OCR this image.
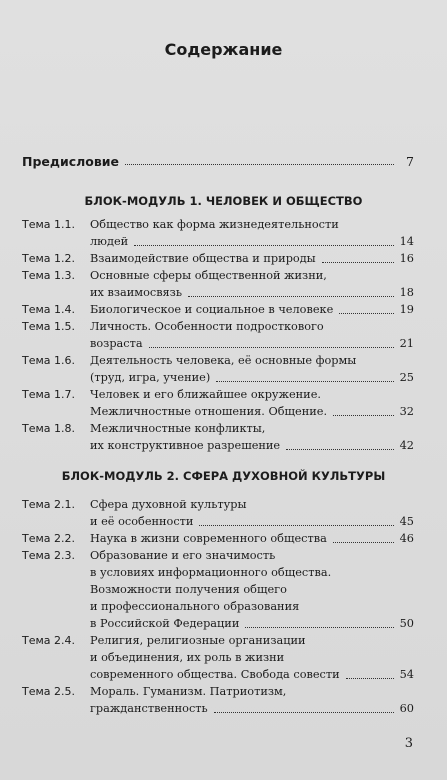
Содержание
Предисловие	7
БЛОК-МОДУЛЬ 1. ЧЕЛОВЕК И ОБЩЕСТВО
Тема 1.1.	Общество как форма жизнедеятельности
людей	14
Тема 1.2.	Взаимодействие общества и природы	16
Тема 1.3.	Основные сферы общественной жизни,
их взаимосвязь	18
Тема 1.4.	Биологическое и социальное в человеке	19
Тема 1.5.	Личность. Особенности подросткового
возраста	21
Тема 1.6.	Деятельность человека, её основные формы
(труд, игра, учение)	25
Тема 1.7.	Человек и его ближайшее окружение.
Межличностные отношения. Общение.	32
Тема 1.8.	Межличностные конфликты,
их конструктивное разрешение	42
БЛОК-МОДУЛЬ 2. СФЕРА ДУХОВНОЙ КУЛЬТУРЫ
Тема 2.1.	Сфера духовной культуры
и её особенности	45
Тема 2.2.	Наука в жизни современного общества	46
Тема 2.3.	Образование и его значимость
в условиях информационного общества.
Возможности получения общего
и профессионального образования
в Российской Федерации	50
Тема 2.4.	Религия, религиозные организации
и объединения, их роль в жизни
современного общества. Свобода совести	54
Тема 2.5.	Мораль. Гуманизм. Патриотизм,
гражданственность	60
3
